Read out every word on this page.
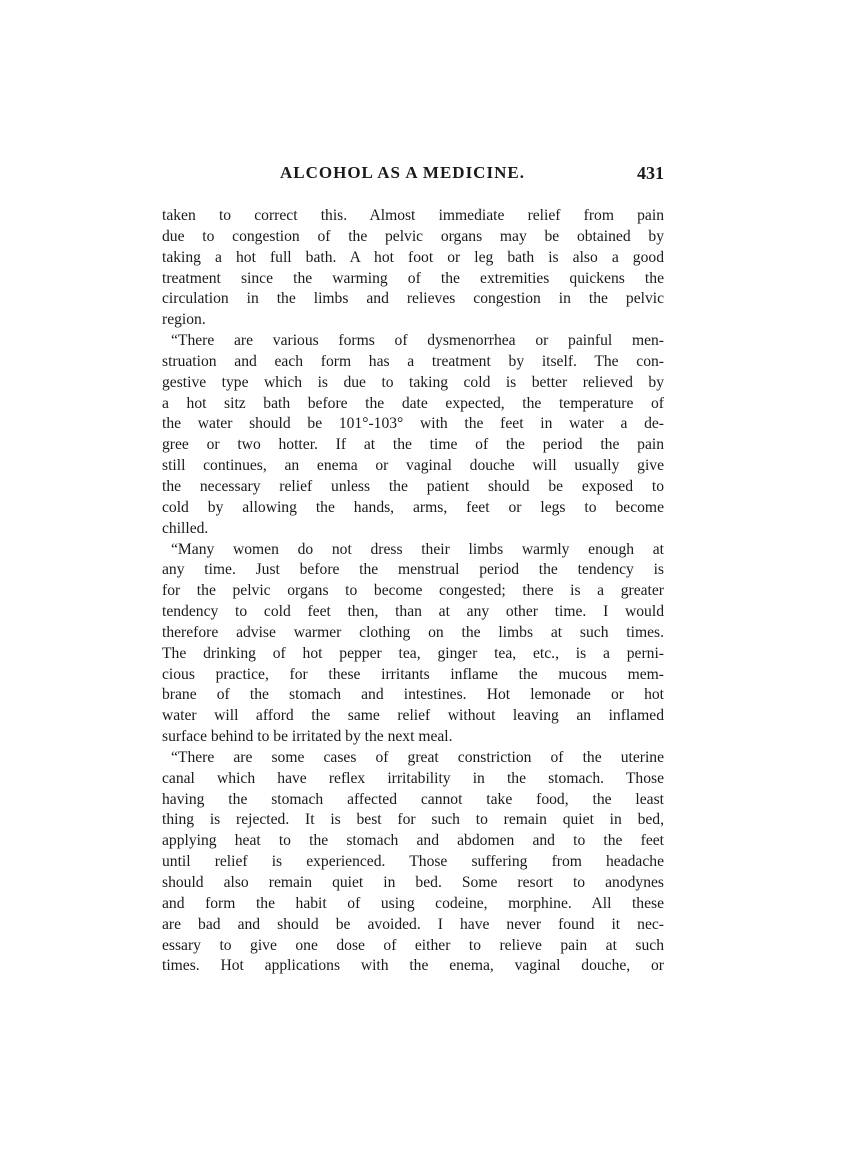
ALCOHOL AS A MEDICINE.	431
taken to correct this. Almost immediate relief from pain
due to congestion of the pelvic organs may be obtained by
taking a hot full bath. A hot foot or leg bath is also a good
treatment since the warming of the extremities quickens the
circulation in the limbs and relieves congestion in the pelvic
region.
“There are various forms of dysmenorrhea or painful men-
struation and each form has a treatment by itself. The con-
gestive type which is due to taking cold is better relieved by
a hot sitz bath before the date expected, the temperature of
the water should be 101°-103° with the feet in water a de-
gree or two hotter. If at the time of the period the pain
still continues, an enema or vaginal douche will usually give
the necessary relief unless the patient should be exposed to
cold by allowing the hands, arms, feet or legs to become
chilled.
“Many women do not dress their limbs warmly enough at
any time. Just before the menstrual period the tendency is
for the pelvic organs to become congested; there is a greater
tendency to cold feet then, than at any other time. I would
therefore advise warmer clothing on the limbs at such times.
The drinking of hot pepper tea, ginger tea, etc., is a perni-
cious practice, for these irritants inflame the mucous mem-
brane of the stomach and intestines. Hot lemonade or hot
water will afford the same relief without leaving an inflamed
surface behind to be irritated by the next meal.
“There are some cases of great constriction of the uterine
canal which have reflex irritability in the stomach. Those
having the stomach affected cannot take food, the least
thing is rejected. It is best for such to remain quiet in bed,
applying heat to the stomach and abdomen and to the feet
until relief is experienced. Those suffering from headache
should also remain quiet in bed. Some resort to anodynes
and form the habit of using codeine, morphine. All these
are bad and should be avoided. I have never found it nec-
essary to give one dose of either to relieve pain at such
times. Hot applications with the enema, vaginal douche, or
